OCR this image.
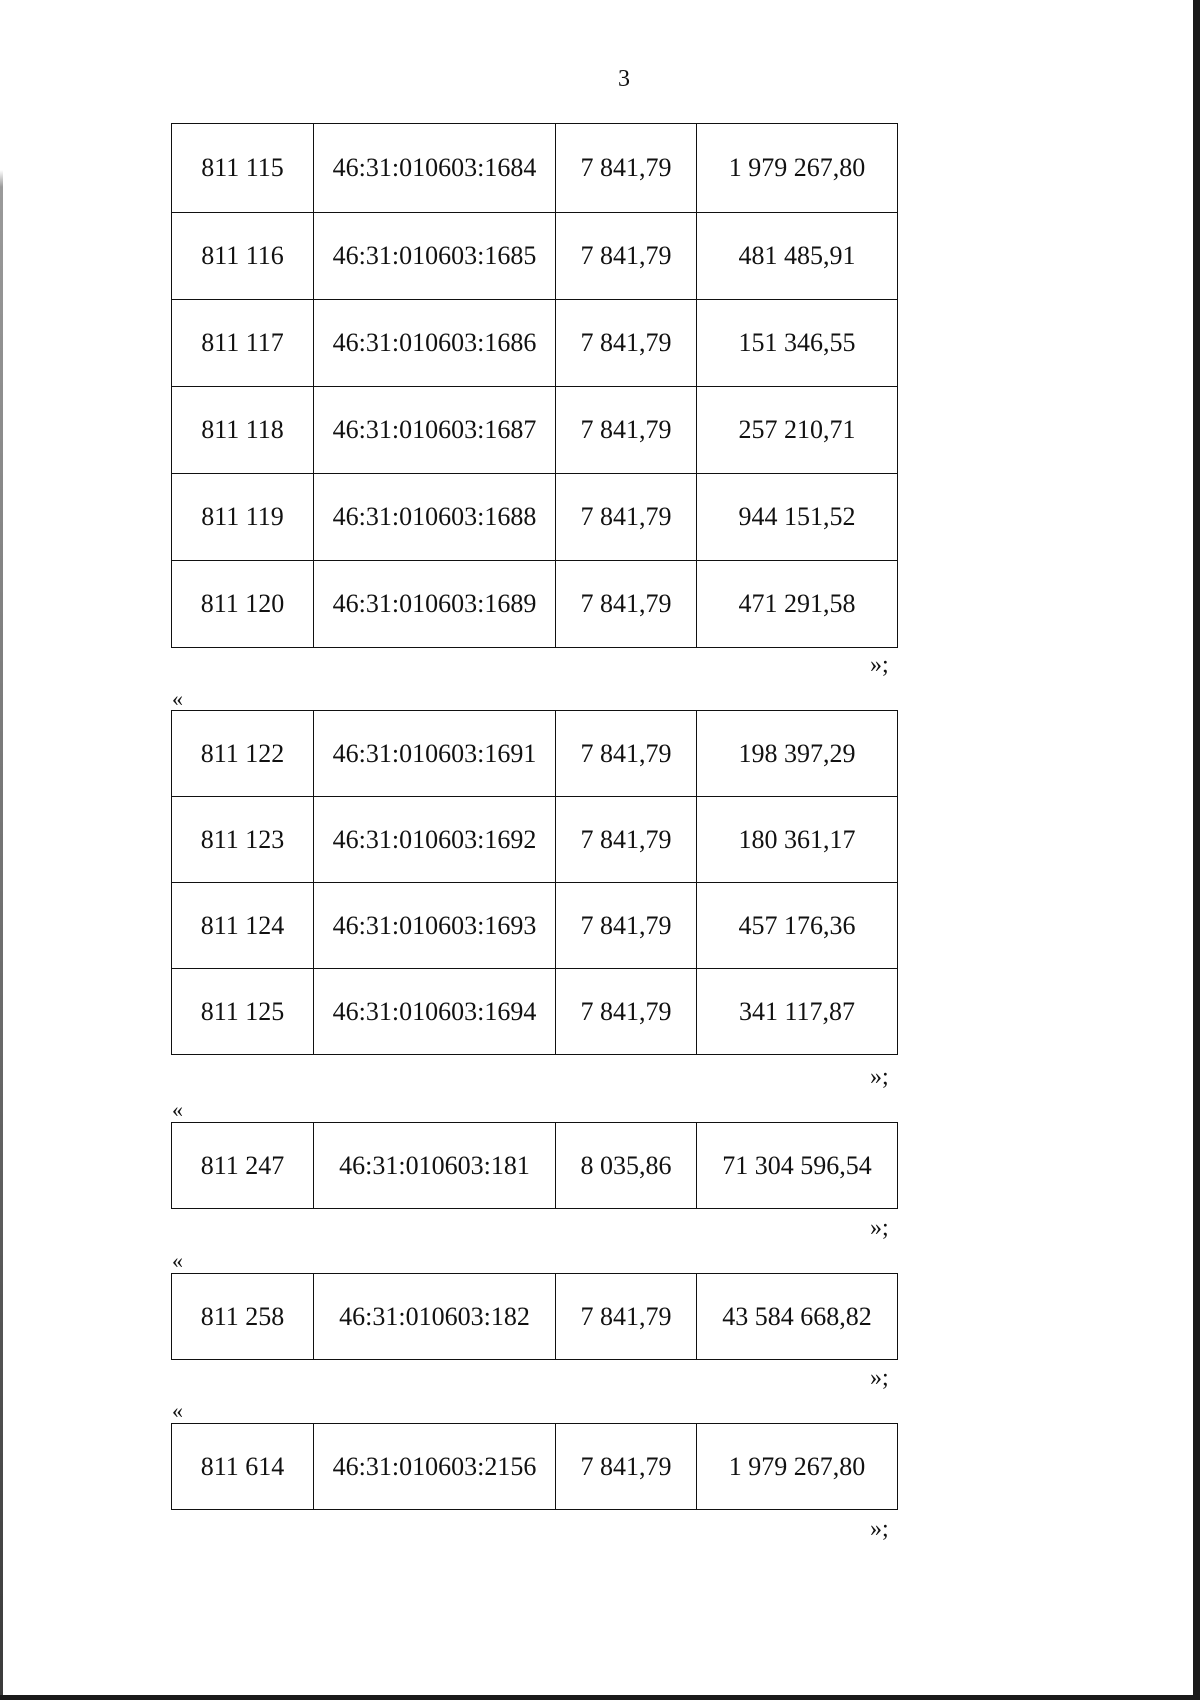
3
811 115	46:31:010603:1684	7 841,79	1 979 267,80
811 116	46:31:010603:1685	7 841,79	481 485,91
811 117	46:31:010603:1686	7 841,79	151 346,55
811 118	46:31:010603:1687	7 841,79	257 210,71
811 119	46:31:010603:1688	7 841,79	944 151,52
811 120	46:31:010603:1689	7 841,79	471 291,58
»;
«
811 122	46:31:010603:1691	7 841,79	198 397,29
811 123	46:31:010603:1692	7 841,79	180 361,17
811 124	46:31:010603:1693	7 841,79	457 176,36
811 125	46:31:010603:1694	7 841,79	341 117,87
»;
«
811 247	46:31:010603:181	8 035,86	71 304 596,54
»;
«
811 258	46:31:010603:182	7 841,79	43 584 668,82
»;
«
811 614	46:31:010603:2156	7 841,79	1 979 267,80
»;
